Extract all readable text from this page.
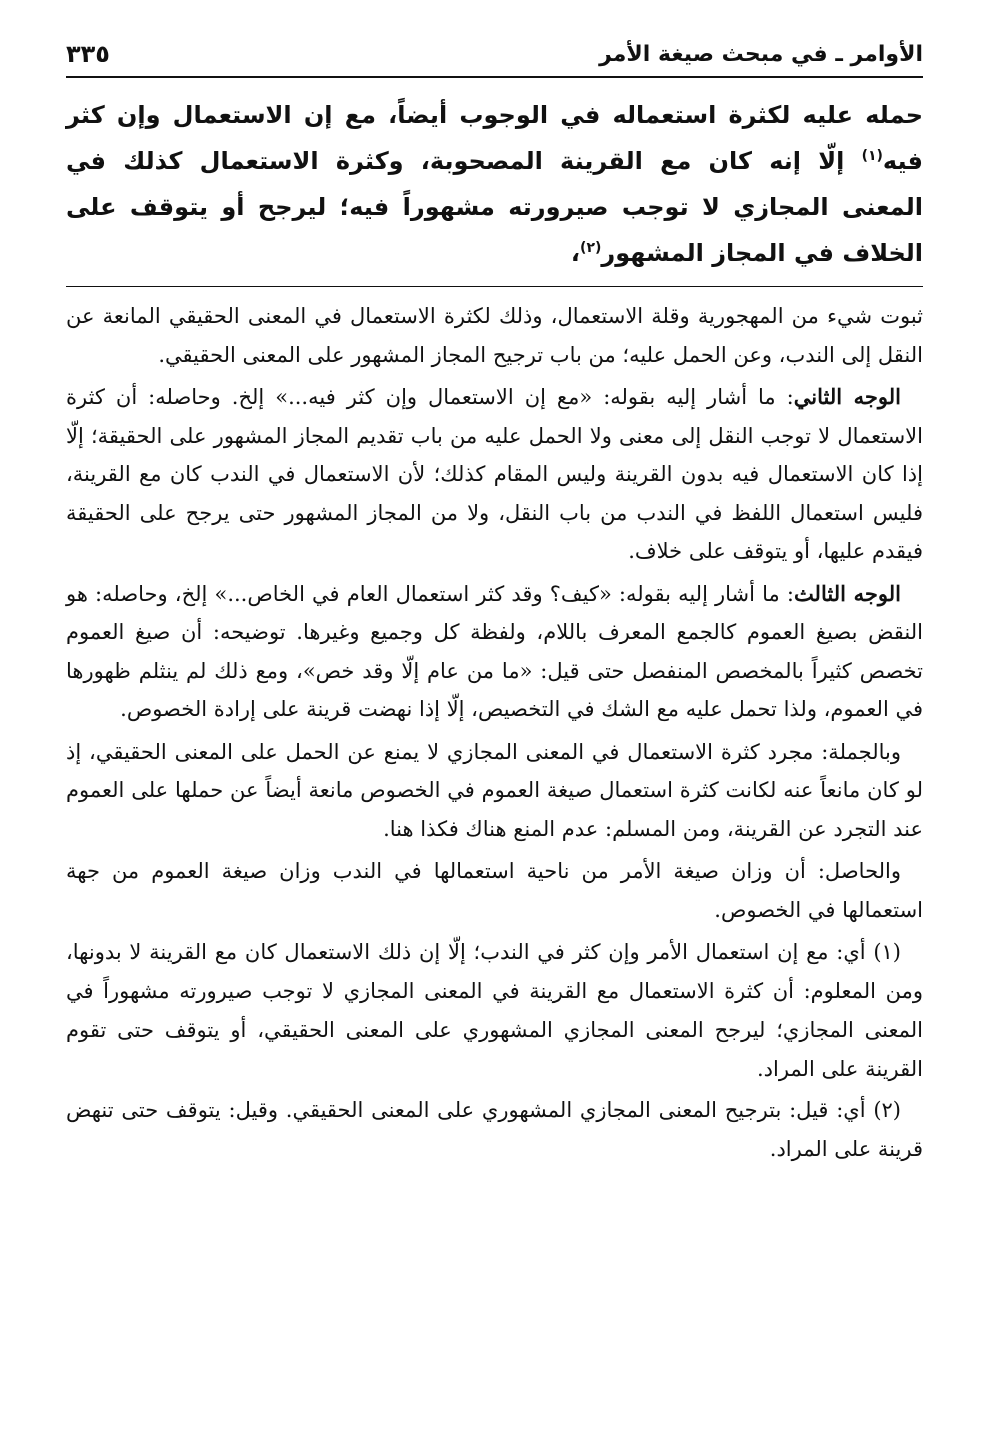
الأوامر ـ في مبحث صيغة الأمر
٣٣٥
حمله عليه لكثرة استعماله في الوجوب أيضاً، مع إن الاستعمال وإن كثر فيه$^{(١)}$ إلّا إنه كان مع القرينة المصحوبة، وكثرة الاستعمال كذلك في المعنى المجازي لا توجب صيرورته مشهوراً فيه؛ ليرجح أو يتوقف على الخلاف في المجاز المشهور$^{(٢)}$،

ثبوت شيء من المهجورية وقلة الاستعمال، وذلك لكثرة الاستعمال في المعنى الحقيقي المانعة عن النقل إلى الندب، وعن الحمل عليه؛ من باب ترجيح المجاز المشهور على المعنى الحقيقي.

الوجه الثاني: ما أشار إليه بقوله: «مع إن الاستعمال وإن كثر فيه...» إلخ. وحاصله: أن كثرة الاستعمال لا توجب النقل إلى معنى ولا الحمل عليه من باب تقديم المجاز المشهور على الحقيقة؛ إلّا إذا كان الاستعمال فيه بدون القرينة وليس المقام كذلك؛ لأن الاستعمال في الندب كان مع القرينة، فليس استعمال اللفظ في الندب من باب النقل، ولا من المجاز المشهور حتى يرجح على الحقيقة فيقدم عليها، أو يتوقف على خلاف.

الوجه الثالث: ما أشار إليه بقوله: «كيف؟ وقد كثر استعمال العام في الخاص...» إلخ، وحاصله: هو النقض بصيغ العموم كالجمع المعرف باللام، ولفظة كل وجميع وغيرها. توضيحه: أن صيغ العموم تخصص كثيراً بالمخصص المنفصل حتى قيل: «ما من عام إلّا وقد خص»، ومع ذلك لم ينثلم ظهورها في العموم، ولذا تحمل عليه مع الشك في التخصيص، إلّا إذا نهضت قرينة على إرادة الخصوص.

وبالجملة: مجرد كثرة الاستعمال في المعنى المجازي لا يمنع عن الحمل على المعنى الحقيقي، إذ لو كان مانعاً عنه لكانت كثرة استعمال صيغة العموم في الخصوص مانعة أيضاً عن حملها على العموم عند التجرد عن القرينة، ومن المسلم: عدم المنع هناك فكذا هنا.

والحاصل: أن وزان صيغة الأمر من ناحية استعمالها في الندب وزان صيغة العموم من جهة استعمالها في الخصوص.

(١) أي: مع إن استعمال الأمر وإن كثر في الندب؛ إلّا إن ذلك الاستعمال كان مع القرينة لا بدونها، ومن المعلوم: أن كثرة الاستعمال مع القرينة في المعنى المجازي لا توجب صيرورته مشهوراً في المعنى المجازي؛ ليرجح المعنى المجازي المشهوري على المعنى الحقيقي، أو يتوقف حتى تقوم القرينة على المراد.

(٢) أي: قيل: بترجيح المعنى المجازي المشهوري على المعنى الحقيقي. وقيل: يتوقف حتى تنهض قرينة على المراد.
